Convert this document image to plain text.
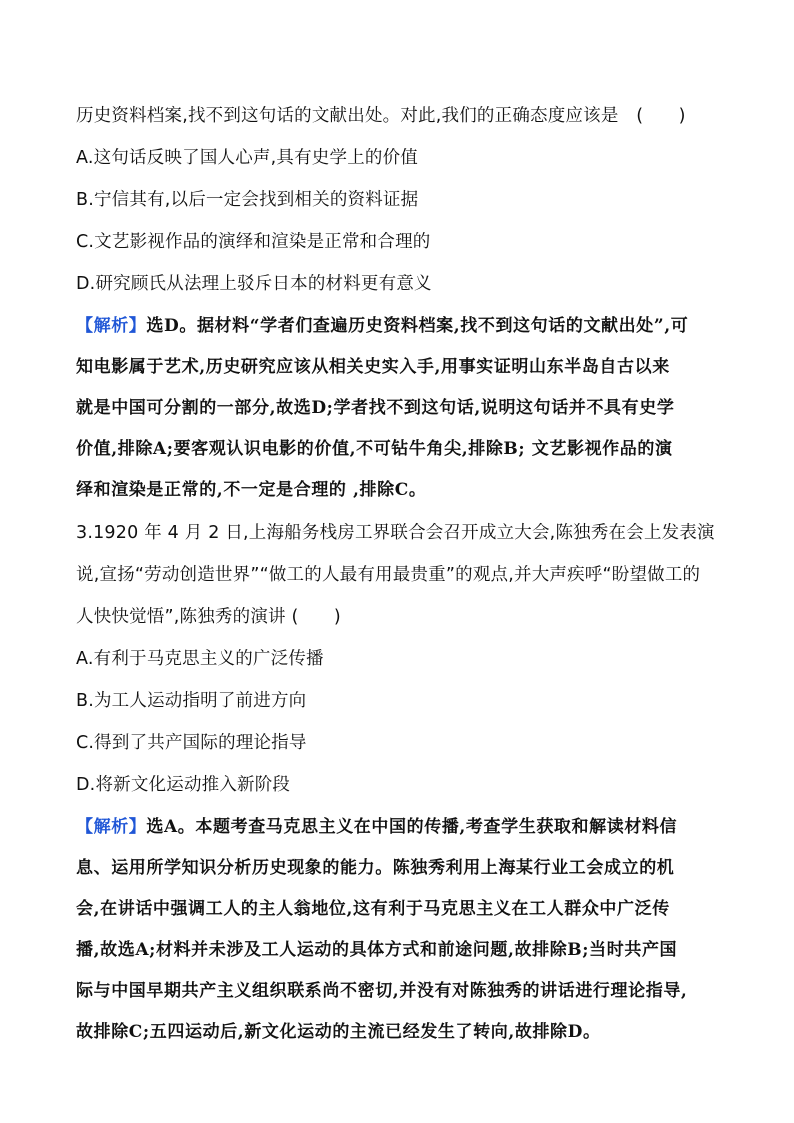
历史资料档案,找不到这句话的文献出处。对此,我们的正确态度应该是　(　　)
A.这句话反映了国人心声,具有史学上的价值
B.宁信其有,以后一定会找到相关的资料证据
C.文艺影视作品的演绎和渲染是正常和合理的
D.研究顾氏从法理上驳斥日本的材料更有意义
【解析】选D。据材料“学者们查遍历史资料档案,找不到这句话的文献出处”,可
知电影属于艺术,历史研究应该从相关史实入手,用事实证明山东半岛自古以来
就是中国可分割的一部分,故选D;学者找不到这句话,说明这句话并不具有史学
价值,排除A;要客观认识电影的价值,不可钻牛角尖,排除B; 文艺影视作品的演
绎和渲染是正常的,不一定是合理的 ,排除C。
3.1920 年 4 月 2 日,上海船务栈房工界联合会召开成立大会,陈独秀在会上发表演
说,宣扬“劳动创造世界”“做工的人最有用最贵重”的观点,并大声疾呼“盼望做工的
人快快觉悟”,陈独秀的演讲 (　　)
A.有利于马克思主义的广泛传播
B.为工人运动指明了前进方向
C.得到了共产国际的理论指导
D.将新文化运动推入新阶段
【解析】选A。本题考查马克思主义在中国的传播,考查学生获取和解读材料信
息、运用所学知识分析历史现象的能力。陈独秀利用上海某行业工会成立的机
会,在讲话中强调工人的主人翁地位,这有利于马克思主义在工人群众中广泛传
播,故选A;材料并未涉及工人运动的具体方式和前途问题,故排除B;当时共产国
际与中国早期共产主义组织联系尚不密切,并没有对陈独秀的讲话进行理论指导,
故排除C;五四运动后,新文化运动的主流已经发生了转向,故排除D。
